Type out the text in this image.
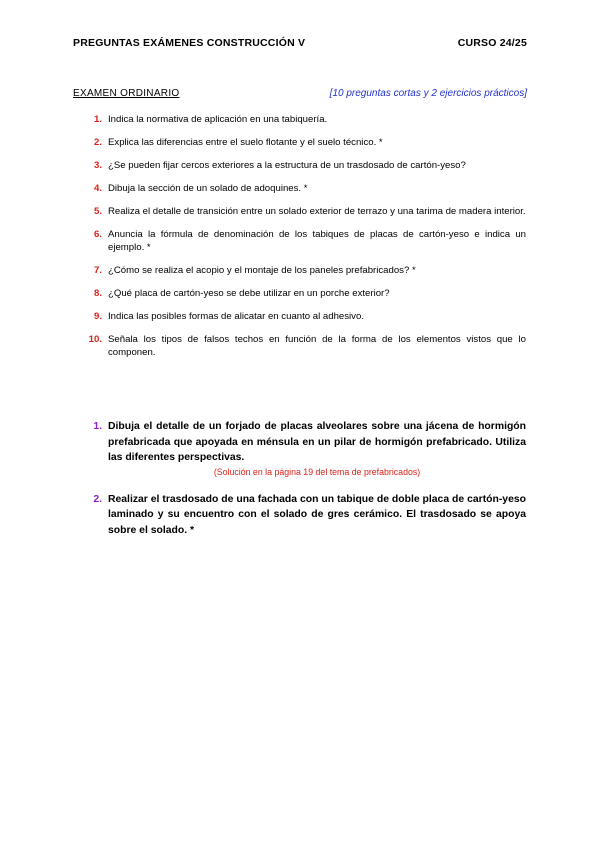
PREGUNTAS EXÁMENES CONSTRUCCIÓN V	CURSO 24/25
EXAMEN ORDINARIO	[10 preguntas cortas y 2 ejercicios prácticos]
1. Indica la normativa de aplicación en una tabiquería.
2. Explica las diferencias entre el suelo flotante y el suelo técnico. *
3. ¿Se pueden fijar cercos exteriores a la estructura de un trasdosado de cartón-yeso?
4. Dibuja la sección de un solado de adoquines. *
5. Realiza el detalle de transición entre un solado exterior de terrazo y una tarima de madera interior.
6. Anuncia la fórmula de denominación de los tabiques de placas de cartón-yeso e indica un ejemplo. *
7. ¿Cómo se realiza el acopio y el montaje de los paneles prefabricados? *
8. ¿Qué placa de cartón-yeso se debe utilizar en un porche exterior?
9. Indica las posibles formas de alicatar en cuanto al adhesivo.
10. Señala los tipos de falsos techos en función de la forma de los elementos vistos que lo componen.
1. Dibuja el detalle de un forjado de placas alveolares sobre una jácena de hormigón prefabricada que apoyada en ménsula en un pilar de hormigón prefabricado. Utiliza las diferentes perspectivas.
(Solución en la página 19 del tema de prefabricados)
2. Realizar el trasdosado de una fachada con un tabique de doble placa de cartón-yeso laminado y su encuentro con el solado de gres cerámico. El trasdosado se apoya sobre el solado. *
